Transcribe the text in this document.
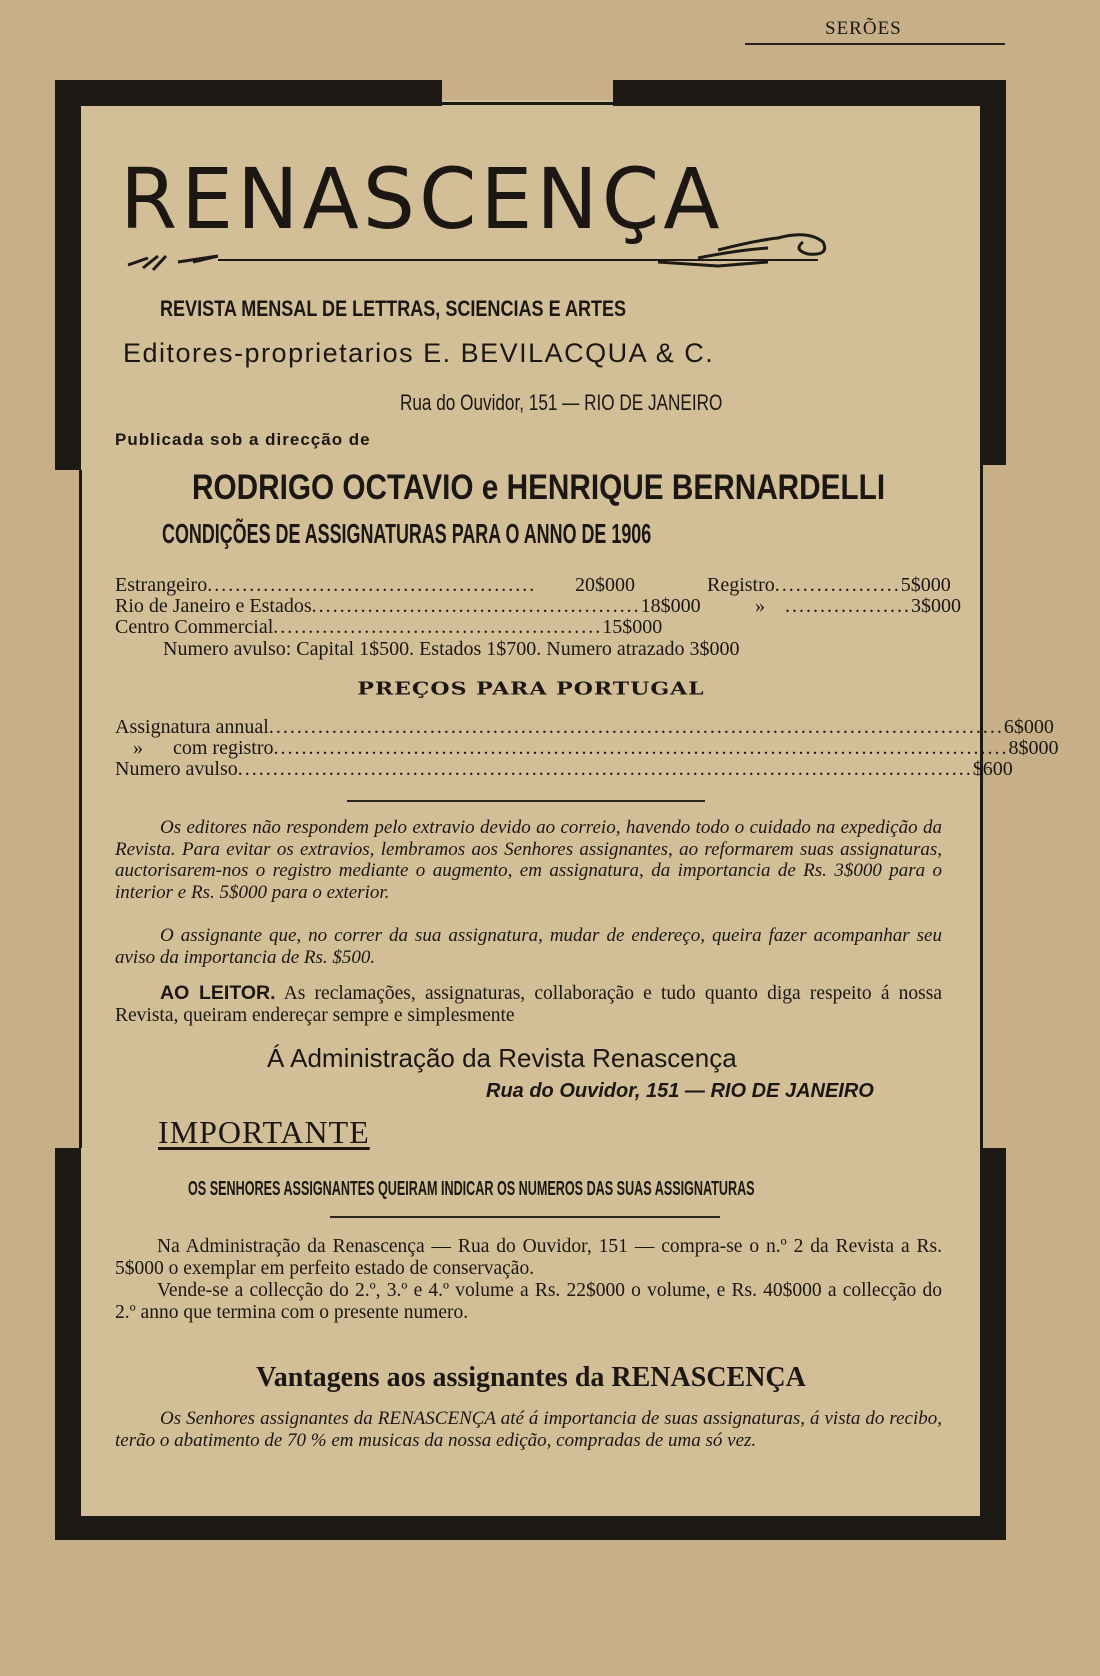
SERÕES
RENASCENÇA
REVISTA MENSAL DE LETTRAS, SCIENCIAS E ARTES
Editores-proprietarios E. BEVILACQUA & C.
Rua do Ouvidor, 151 — RIO DE JANEIRO
Publicada sob a direcção de
RODRIGO OCTAVIO e HENRIQUE BERNARDELLI
CONDIÇÕES DE ASSIGNATURAS PARA O ANNO DE 1906
Estrangeiro ...............................................	20$000
Rio de Janeiro e Estados ............................................... 18$000
Centro Commercial ............................................... 15$000
Registro .................. 5$000
»	.................. 3$000
Numero avulso: Capital 1$500. Estados 1$700. Numero atrazado 3$000
PREÇOS PARA PORTUGAL
Assignatura annual ......................................................................................................... 6$000
»      com registro ......................................................................................................... 8$000
Numero avulso ......................................................................................................... $600
Os editores não respondem pelo extravio devido ao correio, havendo todo o cuidado na expedição da Revista. Para evitar os extravios, lembramos aos Senhores assignantes, ao reformarem suas assignaturas, auctorisarem-nos o registro mediante o augmento, em assignatura, da importancia de Rs. 3$000 para o interior e Rs. 5$000 para o exterior.
O assignante que, no correr da sua assignatura, mudar de endereço, queira fazer acompanhar seu aviso da importancia de Rs. $500.
AO LEITOR. As reclamações, assignaturas, collaboração e tudo quanto diga respeito á nossa Revista, queiram endereçar sempre e simplesmente
Á Administração da Revista Renascença
Rua do Ouvidor, 151 — RIO DE JANEIRO
IMPORTANTE
OS SENHORES ASSIGNANTES QUEIRAM INDICAR OS NUMEROS DAS SUAS ASSIGNATURAS
Na Administração da Renascença — Rua do Ouvidor, 151 — compra-se o n.º 2 da Revista a Rs. 5$000 o exemplar em perfeito estado de conservação.
Vende-se a collecção do 2.º, 3.º e 4.º volume a Rs. 22$000 o volume, e Rs. 40$000 a collecção do 2.º anno que termina com o presente numero.
Vantagens aos assignantes da RENASCENÇA
Os Senhores assignantes da RENASCENÇA até á importancia de suas assignaturas, á vista do recibo, terão o abatimento de 70 % em musicas da nossa edição, compradas de uma só vez.
